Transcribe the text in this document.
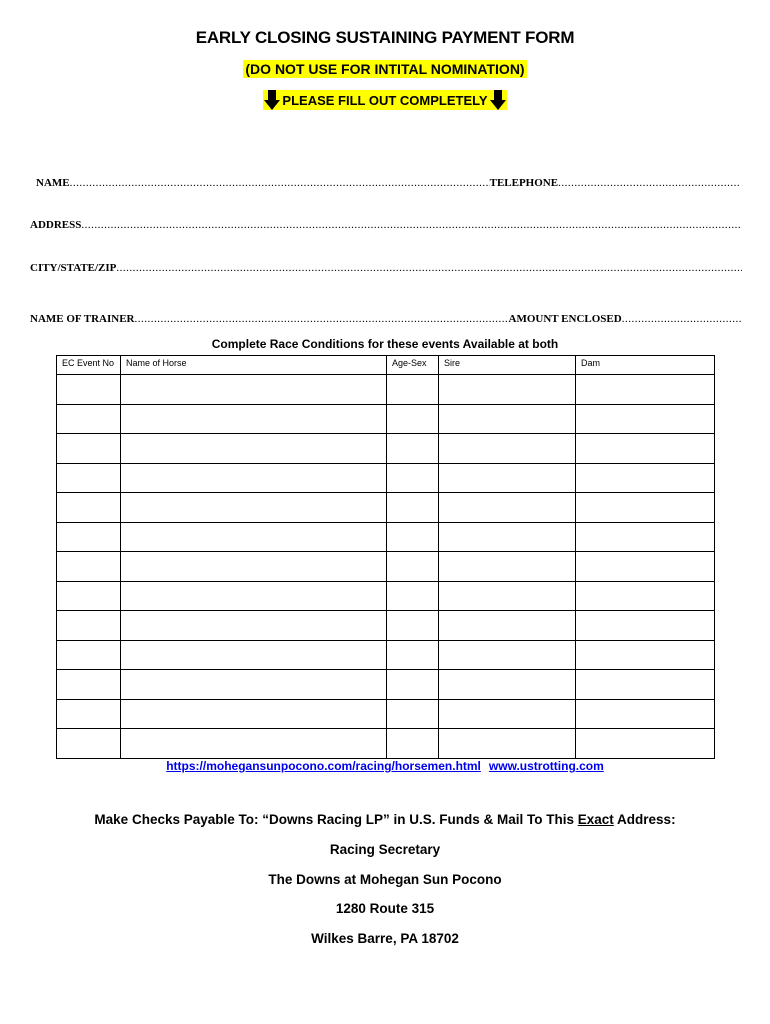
EARLY CLOSING SUSTAINING PAYMENT FORM
(DO NOT USE FOR INTITAL NOMINATION)
PLEASE FILL OUT COMPLETELY
NAME .....	TELEPHONE
.....
ADDRESS
.....
CITY/STATE/ZIP
.....
NAME OF TRAINER .....	AMOUNT ENCLOSED
.....
Complete Race Conditions for these events Available at both
EC Event No	Name of Horse	Age-Sex	Sire	Dam

https://mohegansunpocono.com/racing/horsemen.html www.ustrotting.com
Make Checks Payable To: “Downs Racing LP” in U.S. Funds & Mail To This Exact Address:
Racing Secretary
The Downs at Mohegan Sun Pocono
1280 Route 315
Wilkes Barre, PA 18702
